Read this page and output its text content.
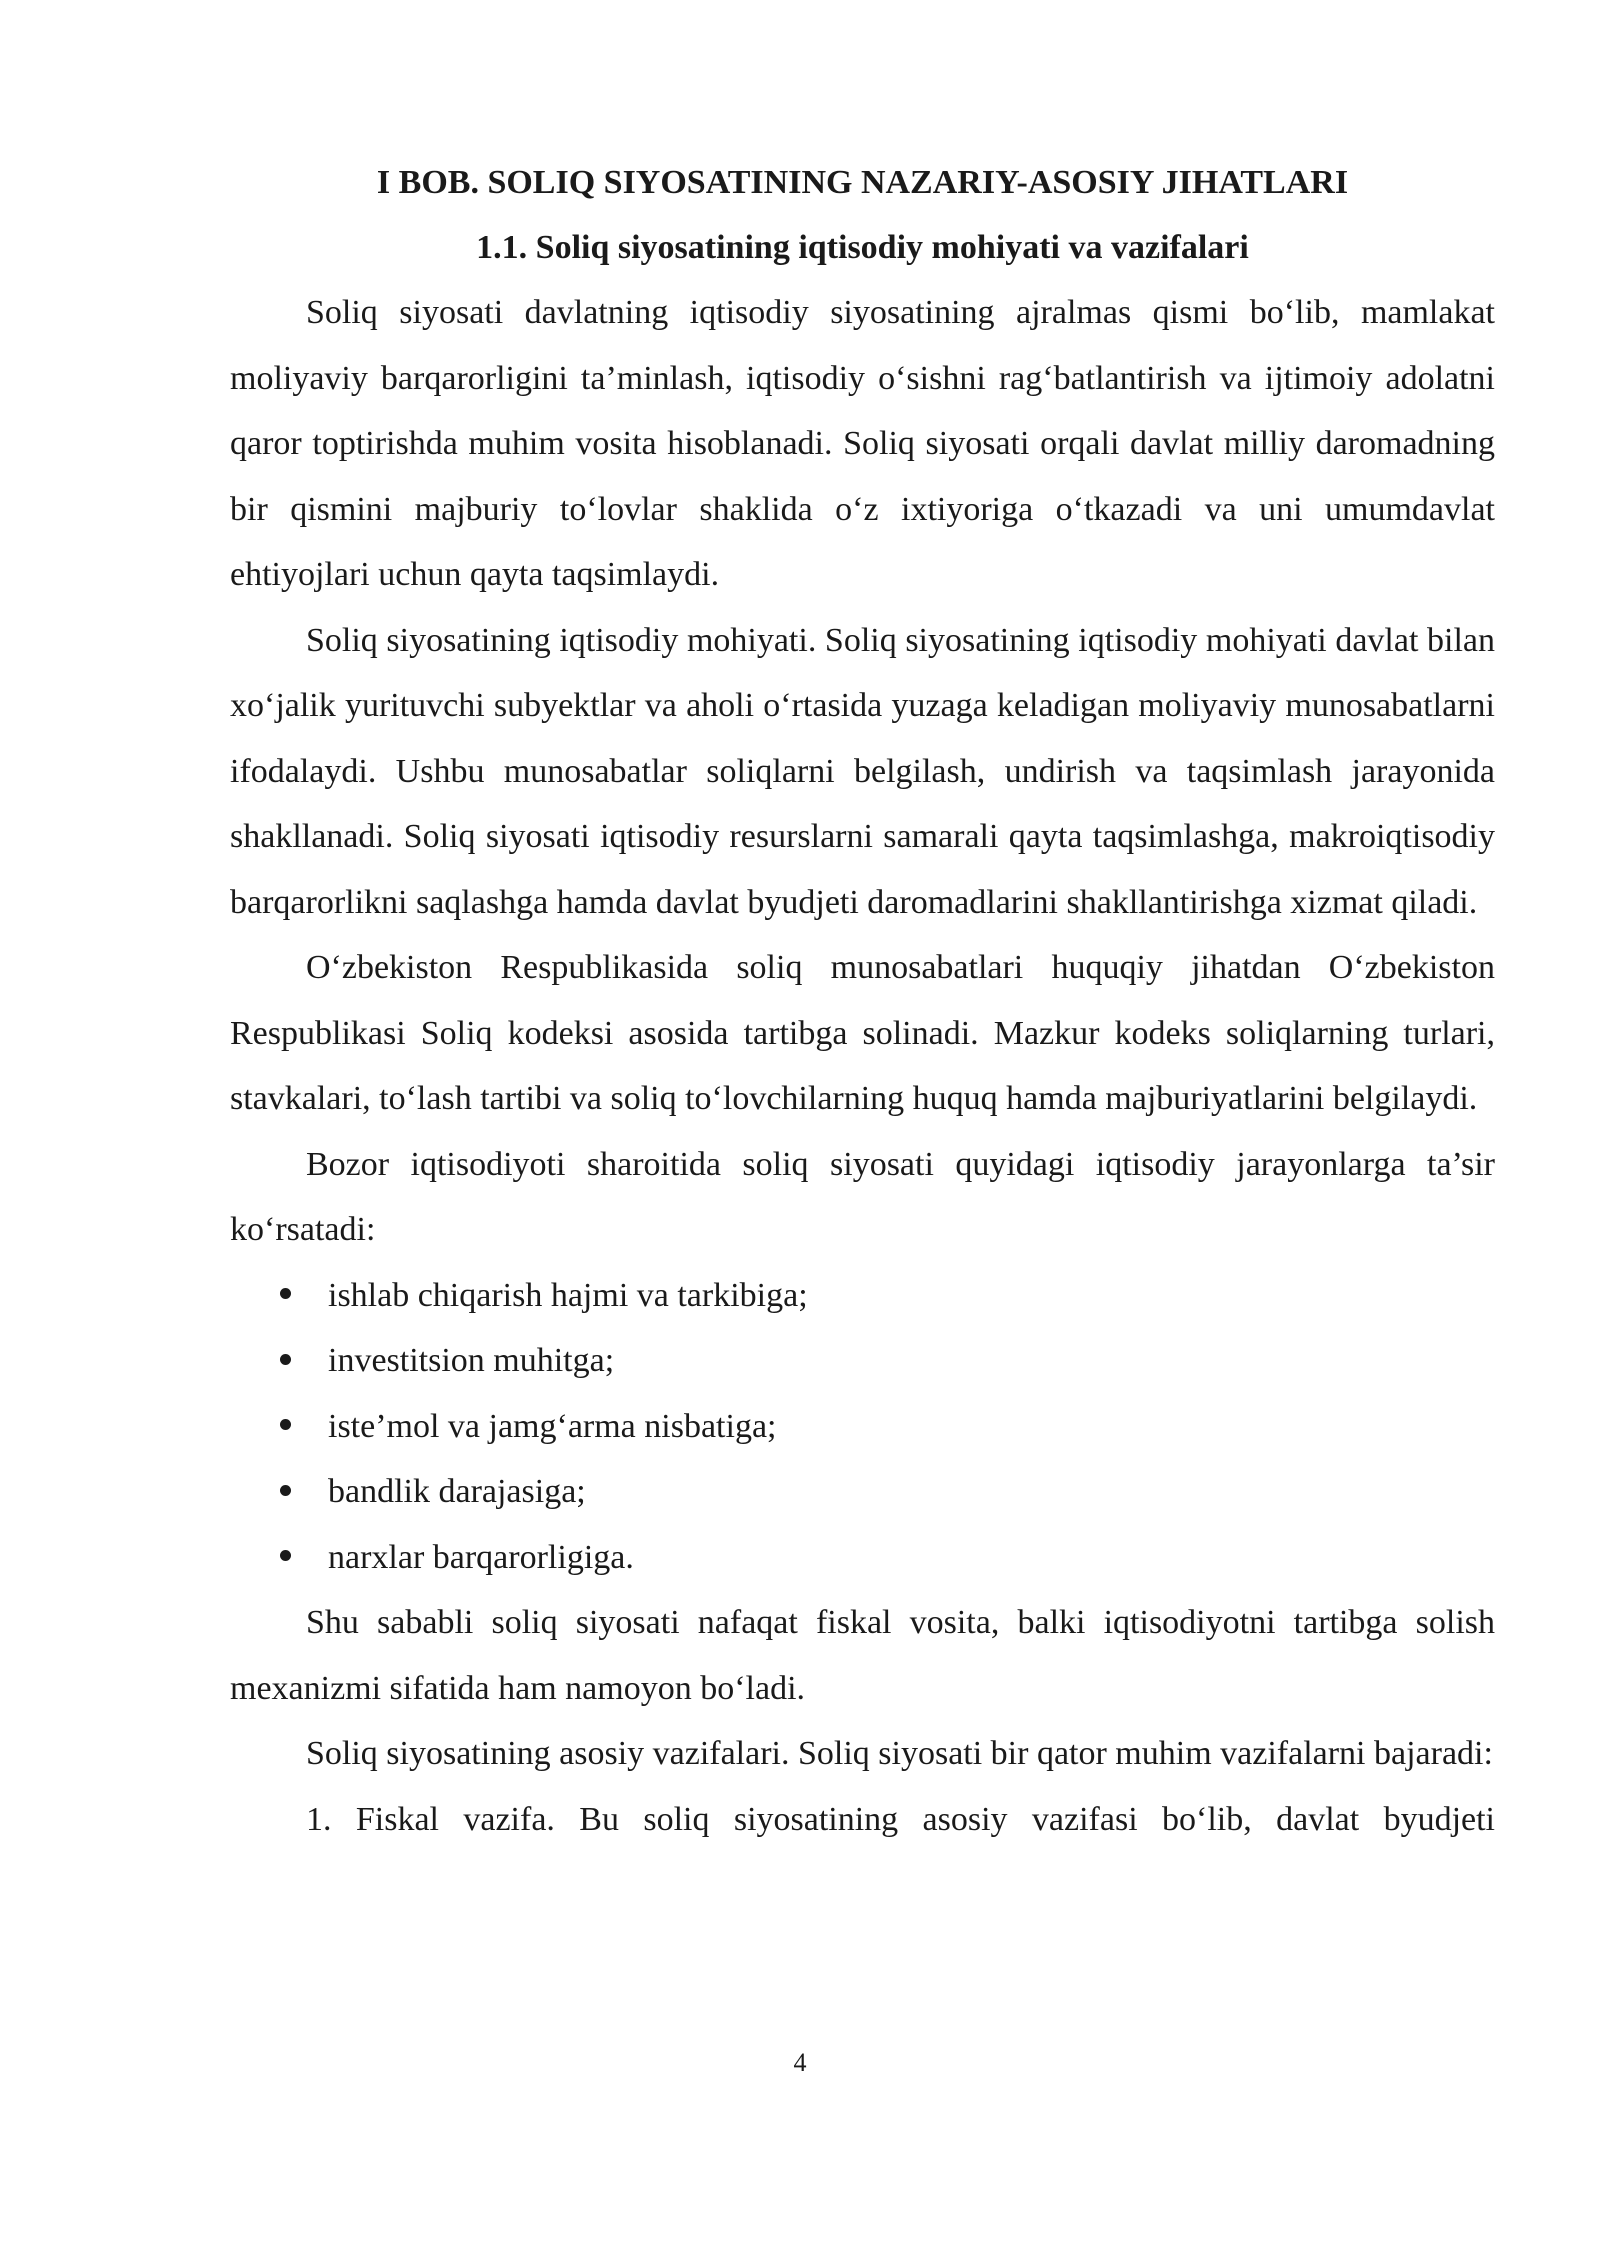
I BOB. SOLIQ SIYOSATINING NAZARIY-ASOSIY JIHATLARI
1.1. Soliq siyosatining iqtisodiy mohiyati va vazifalari

Soliq siyosati davlatning iqtisodiy siyosatining ajralmas qismi bo‘lib, mamlakat moliyaviy barqarorligini ta’minlash, iqtisodiy o‘sishni rag‘batlantirish va ijtimoiy adolatni qaror toptirishda muhim vosita hisoblanadi. Soliq siyosati orqali davlat milliy daromadning bir qismini majburiy to‘lovlar shaklida o‘z ixtiyoriga o‘tkazadi va uni umumdavlat ehtiyojlari uchun qayta taqsimlaydi.

Soliq siyosatining iqtisodiy mohiyati. Soliq siyosatining iqtisodiy mohiyati davlat bilan xo‘jalik yurituvchi subyektlar va aholi o‘rtasida yuzaga keladigan moliyaviy munosabatlarni ifodalaydi. Ushbu munosabatlar soliqlarni belgilash, undirish va taqsimlash jarayonida shakllanadi. Soliq siyosati iqtisodiy resurslarni samarali qayta taqsimlashga, makroiqtisodiy barqarorlikni saqlashga hamda davlat byudjeti daromadlarini shakllantirishga xizmat qiladi.

O‘zbekiston Respublikasida soliq munosabatlari huquqiy jihatdan O‘zbekiston Respublikasi Soliq kodeksi asosida tartibga solinadi. Mazkur kodeks soliqlarning turlari, stavkalari, to‘lash tartibi va soliq to‘lovchilarning huquq hamda majburiyatlarini belgilaydi.

Bozor iqtisodiyoti sharoitida soliq siyosati quyidagi iqtisodiy jarayonlarga ta’sir ko‘rsatadi:

ishlab chiqarish hajmi va tarkibiga;
investitsion muhitga;
iste’mol va jamg‘arma nisbatiga;
bandlik darajasiga;
narxlar barqarorligiga.

Shu sababli soliq siyosati nafaqat fiskal vosita, balki iqtisodiyotni tartibga solish mexanizmi sifatida ham namoyon bo‘ladi.

Soliq siyosatining asosiy vazifalari. Soliq siyosati bir qator muhim vazifalarni bajaradi:

1. Fiskal vazifa. Bu soliq siyosatining asosiy vazifasi bo‘lib, davlat byudjeti

4
